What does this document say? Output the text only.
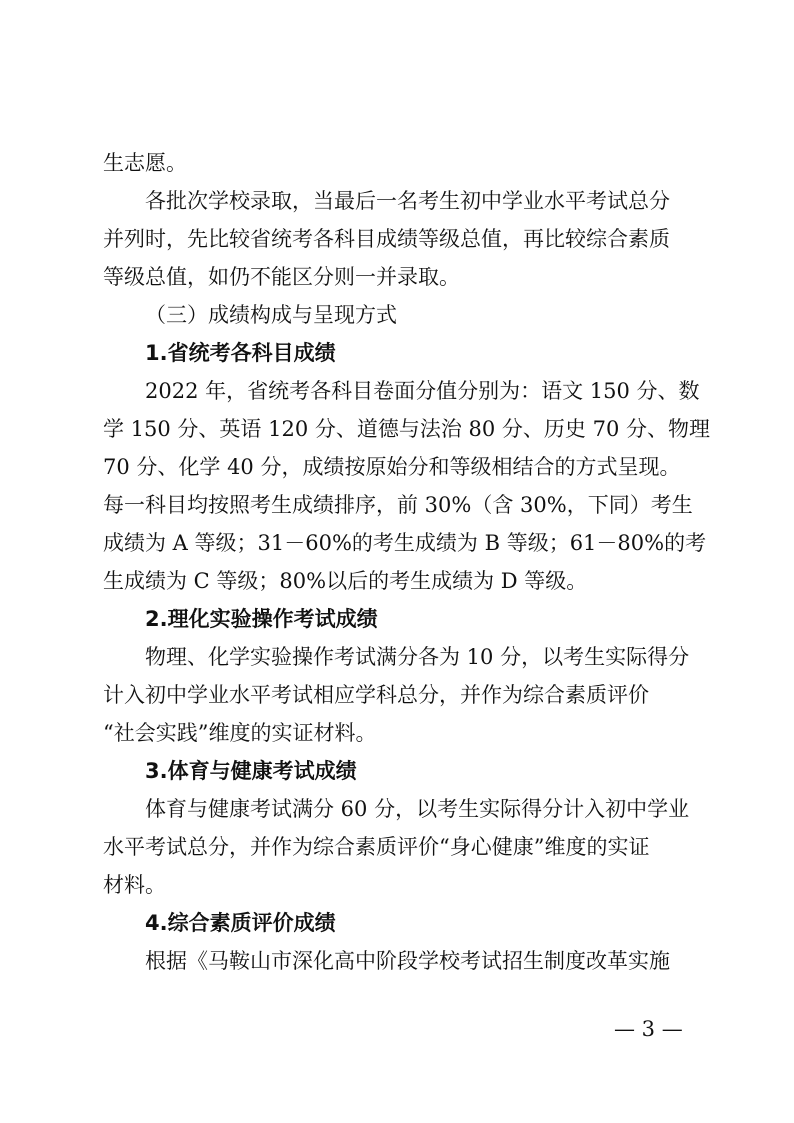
生志愿。
各批次学校录取，当最后一名考生初中学业水平考试总分
并列时，先比较省统考各科目成绩等级总值，再比较综合素质
等级总值，如仍不能区分则一并录取。
（三）成绩构成与呈现方式
1.省统考各科目成绩
2022 年，省统考各科目卷面分值分别为：语文 150 分、数
学 150 分、英语 120 分、道德与法治 80 分、历史 70 分、物理
70 分、化学 40 分，成绩按原始分和等级相结合的方式呈现。
每一科目均按照考生成绩排序，前 30%（含 30%，下同）考生
成绩为 A 等级；31－60%的考生成绩为 B 等级；61－80%的考
生成绩为 C 等级；80%以后的考生成绩为 D 等级。
2.理化实验操作考试成绩
物理、化学实验操作考试满分各为 10 分，以考生实际得分
计入初中学业水平考试相应学科总分，并作为综合素质评价
“社会实践”维度的实证材料。
3.体育与健康考试成绩
体育与健康考试满分 60 分，以考生实际得分计入初中学业
水平考试总分，并作为综合素质评价“身心健康”维度的实证
材料。
4.综合素质评价成绩
根据《马鞍山市深化高中阶段学校考试招生制度改革实施
— 3 —
